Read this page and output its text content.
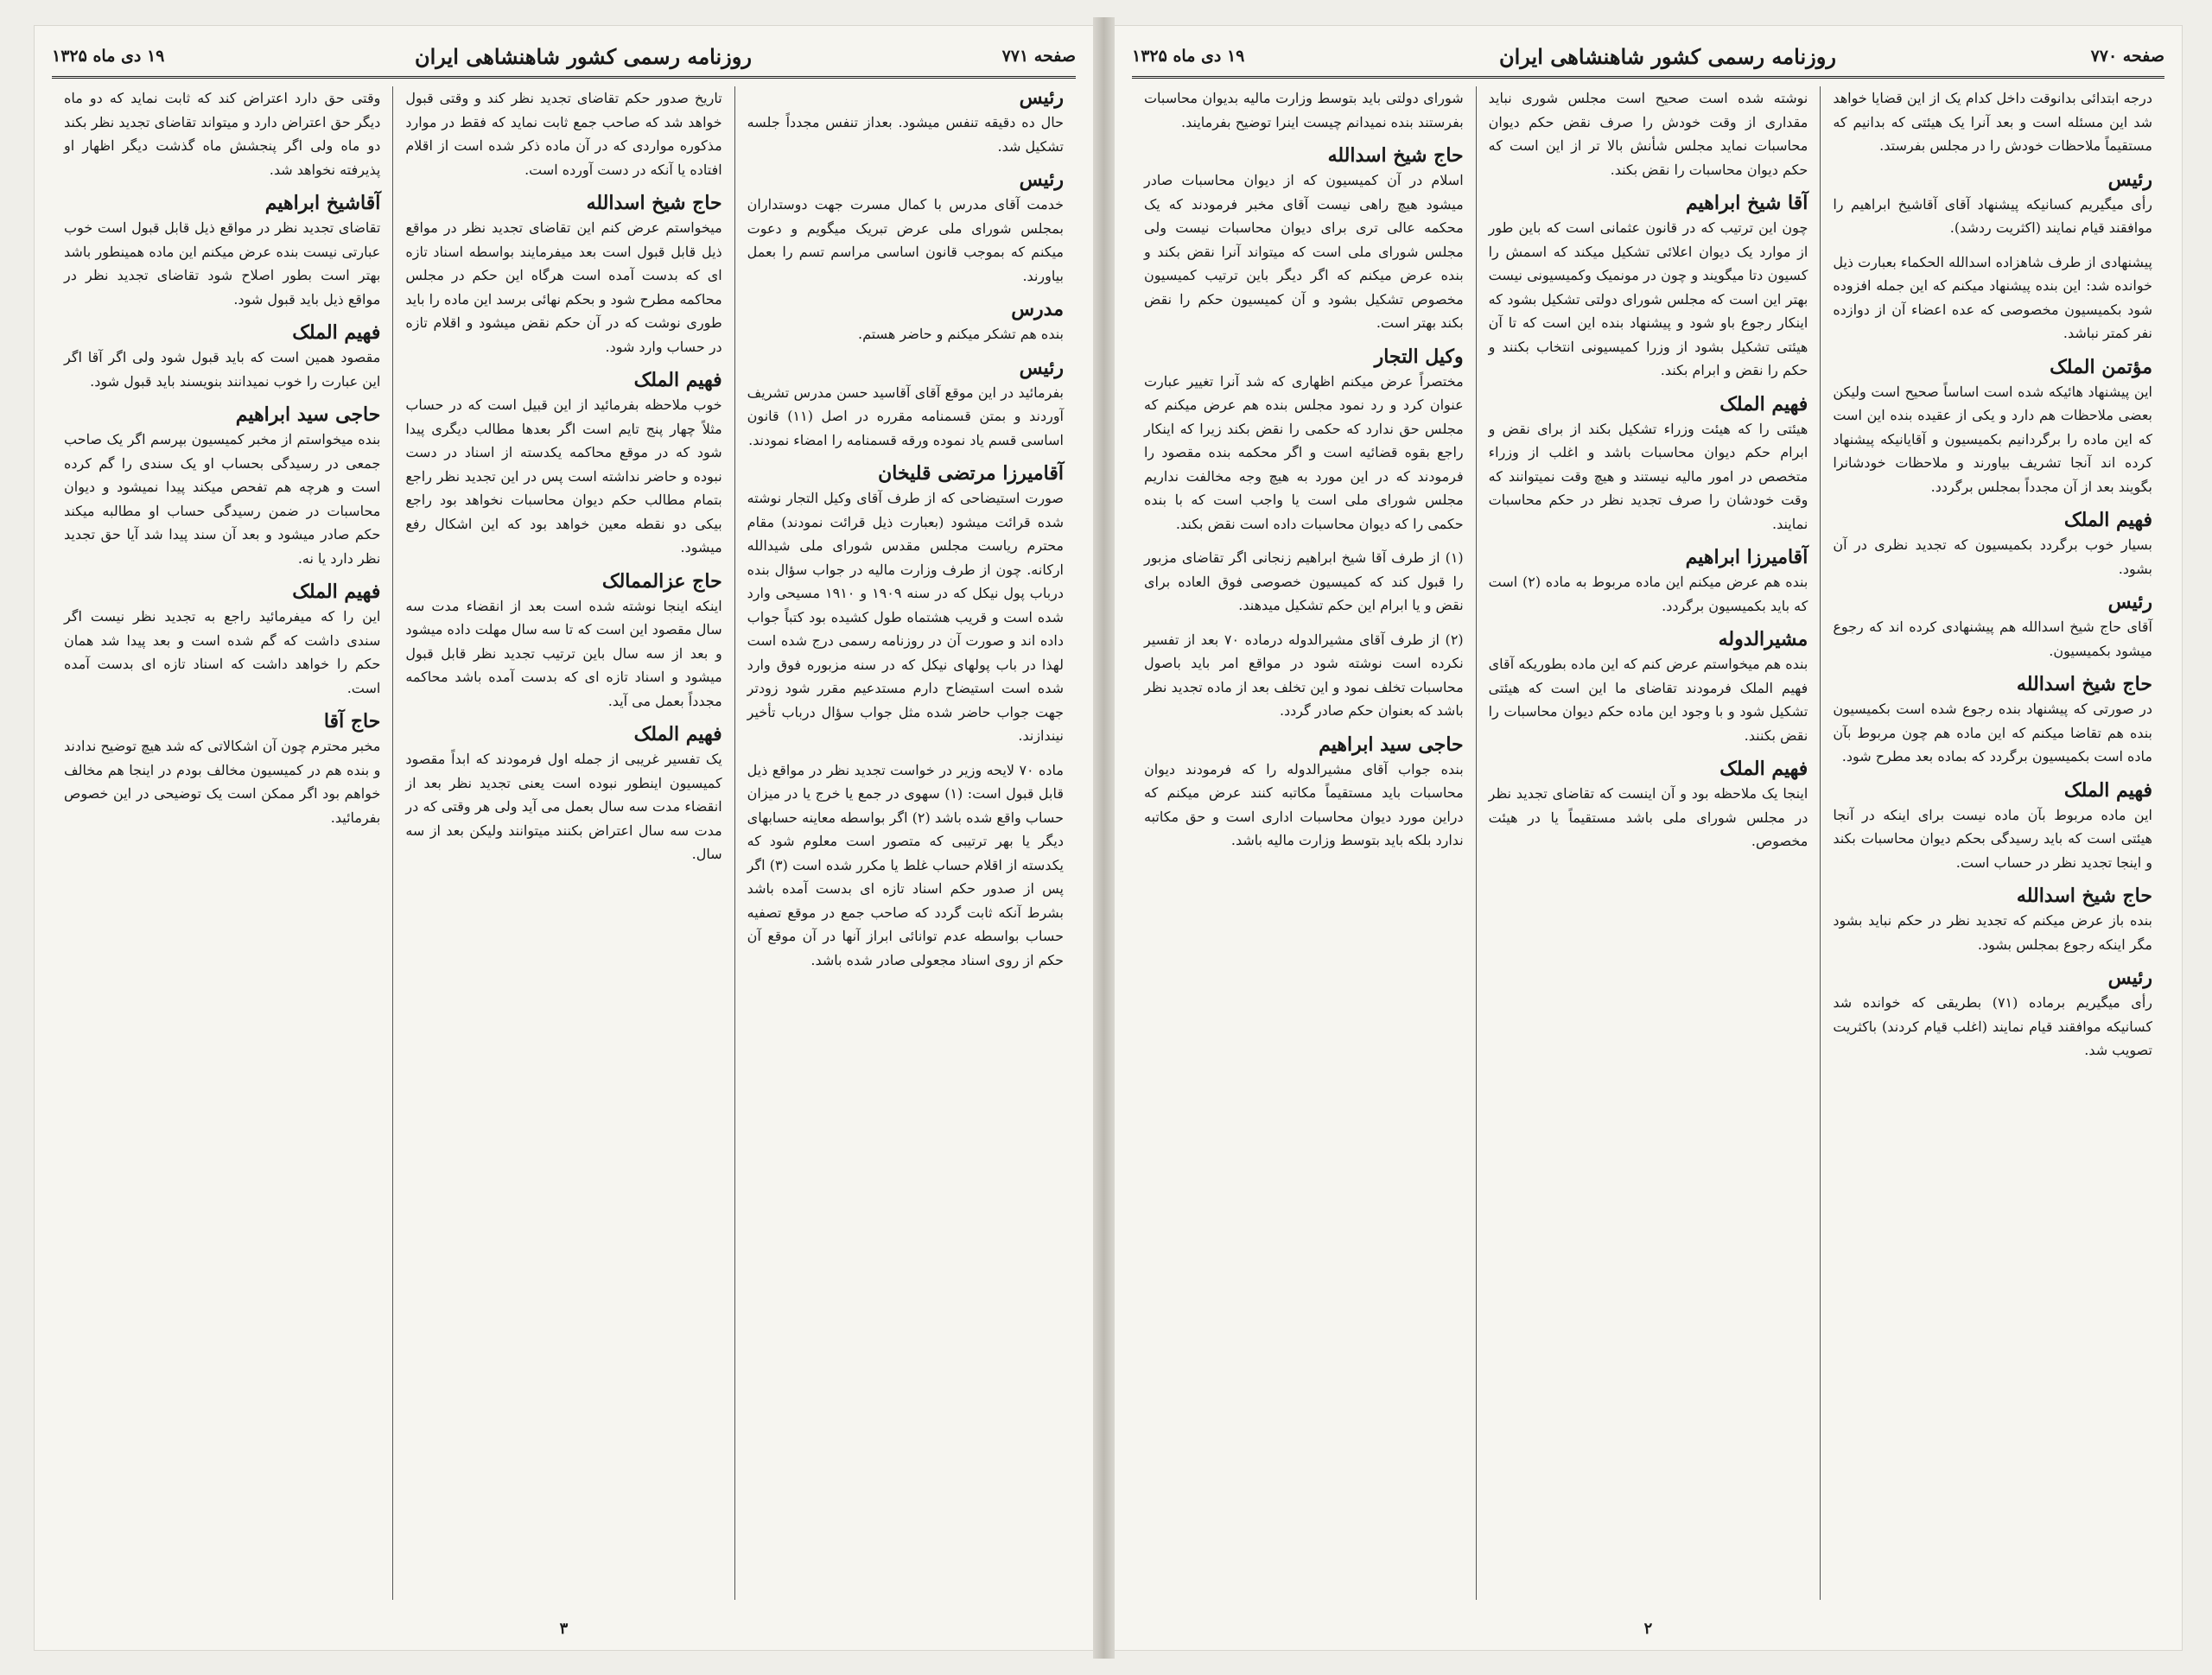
صفحه ۷۷۱
روزنامه رسمی کشور شاهنشاهی ایران
۱۹ دی ماه ۱۳۲۵
رئیس
حال ده دقیقه تنفس میشود. بعداز تنفس مجدداً جلسه تشکیل شد.
رئیس
خدمت آقای مدرس با کمال مسرت جهت دوستداران بمجلس شورای ملی عرض تبریک میگویم و دعوت میکنم که بموجب قانون اساسی مراسم تسم را بعمل بیاورند.
مدرس
بنده هم تشکر میکنم و حاضر هستم.
رئیس
بفرمائید در این موقع آقای آقاسید حسن مدرس تشریف آوردند و بمتن قسمنامه مقرره در اصل (۱۱) قانون اساسی قسم یاد نموده ورقه قسمنامه را امضاء نمودند.
آقامیرزا مرتضی قلیخان
صورت استیضاحی که از طرف آقای وکیل التجار نوشته شده قرائت میشود (بعبارت ذیل قرائت نمودند) مقام محترم ریاست مجلس مقدس شورای ملی شیدالله ارکانه. چون از طرف وزارت مالیه در جواب سؤال بنده درباب پول نیکل که در سنه ۱۹۰۹ و ۱۹۱۰ مسیحی وارد شده است و قریب هشتماه طول کشیده بود کتباً جواب داده اند و صورت آن در روزنامه رسمی درج شده است لهذا در باب پولهای نیکل که در سنه مزبوره فوق وارد شده است استیضاح دارم مستدعیم مقرر شود زودتر جهت جواب حاضر شده مثل جواب سؤال درباب تأخیر نیندازند.
ماده ۷۰ لایحه وزیر در خواست تجدید نظر در مواقع ذیل قابل قبول است: (۱) سهوی در جمع یا خرج یا در میزان حساب واقع شده باشد (۲) اگر بواسطه معاینه حسابهای دیگر یا بهر ترتیبی که متصور است معلوم شود که یکدسته از اقلام حساب غلط یا مکرر شده است (۳) اگر پس از صدور حکم اسناد تازه ای بدست آمده باشد بشرط آنکه ثابت گردد که صاحب جمع در موقع تصفیه حساب بواسطه عدم توانائی ابراز آنها در آن موقع آن حکم از روی اسناد مجعولی صادر شده باشد.
تاریخ صدور حکم تقاضای تجدید نظر کند و وقتی قبول خواهد شد که صاحب جمع ثابت نماید که فقط در موارد مذکوره مواردی که در آن ماده ذکر شده است از اقلام افتاده یا آنکه در دست آورده است.
حاج شیخ اسدالله
میخواستم عرض کنم این تقاضای تجدید نظر در مواقع ذیل قابل قبول است بعد میفرمایند بواسطه اسناد تازه ای که بدست آمده است هرگاه این حکم در مجلس محاکمه مطرح شود و بحکم نهائی برسد این ماده را باید طوری نوشت که در آن حکم نقض میشود و اقلام تازه در حساب وارد شود.
فهیم الملک
خوب ملاحظه بفرمائید از این قبیل است که در حساب مثلاً چهار پنج تایم است اگر بعدها مطالب دیگری پیدا شود که در موقع محاکمه یکدسته از اسناد در دست نبوده و حاضر نداشته است پس در این تجدید نظر راجع بتمام مطالب حکم دیوان محاسبات نخواهد بود راجع بیکی دو نقطه معین خواهد بود که این اشکال رفع میشود.
حاج عزالممالک
اینکه اینجا نوشته شده است بعد از انقضاء مدت سه سال مقصود این است که تا سه سال مهلت داده میشود و بعد از سه سال باین ترتیب تجدید نظر قابل قبول میشود و اسناد تازه ای که بدست آمده باشد محاکمه مجدداً بعمل می آید.
فهیم الملک
یک تفسیر غریبی از جمله اول فرمودند که ابداً مقصود کمیسیون اینطور نبوده است یعنی تجدید نظر بعد از انقضاء مدت سه سال بعمل می آید ولی هر وقتی که در مدت سه سال اعتراض بکنند میتوانند ولیکن بعد از سه سال.
وقتی حق دارد اعتراض کند که ثابت نماید که دو ماه دیگر حق اعتراض دارد و میتواند تقاضای تجدید نظر بکند دو ماه ولی اگر پنجشش ماه گذشت دیگر اظهار او پذیرفته نخواهد شد.
آقاشیخ ابراهیم
تقاضای تجدید نظر در مواقع ذیل قابل قبول است خوب عبارتی نیست بنده عرض میکنم این ماده همینطور باشد بهتر است بطور اصلاح شود تقاضای تجدید نظر در مواقع ذیل باید قبول شود.
فهیم الملک
مقصود همین است که باید قبول شود ولی اگر آقا اگر این عبارت را خوب نمیدانند بنویسند باید قبول شود.
حاجی سید ابراهیم
بنده میخواستم از مخبر کمیسیون بپرسم اگر یک صاحب جمعی در رسیدگی بحساب او یک سندی را گم کرده است و هرچه هم تفحص میکند پیدا نمیشود و دیوان محاسبات در ضمن رسیدگی حساب او مطالبه میکند حکم صادر میشود و بعد آن سند پیدا شد آیا حق تجدید نظر دارد یا نه.
فهیم الملک
این را که میفرمائید راجع به تجدید نظر نیست اگر سندی داشت که گم شده است و بعد پیدا شد همان حکم را خواهد داشت که اسناد تازه ای بدست آمده است.
حاج آقا
مخبر محترم چون آن اشکالاتی که شد هیچ توضیح ندادند و بنده هم در کمیسیون مخالف بودم در اینجا هم مخالف خواهم بود اگر ممکن است یک توضیحی در این خصوص بفرمائید.
۳
صفحه ۷۷۰
روزنامه رسمی کشور شاهنشاهی ایران
۱۹ دی ماه ۱۳۲۵
درجه ابتدائی بدانوقت داخل کدام یک از این قضایا خواهد شد این مسئله است و بعد آنرا یک هیئتی که بدانیم که مستقیماً ملاحظات خودش را در مجلس بفرستد.
رئیس
رأی میگیریم کسانیکه پیشنهاد آقای آقاشیخ ابراهیم را موافقند قیام نمایند (اکثریت ردشد).
پیشنهادی از طرف شاهزاده اسدالله الحکماء بعبارت ذیل خوانده شد: این بنده پیشنهاد میکنم که این جمله افزوده شود بکمیسیون مخصوصی که عده اعضاء آن از دوازده نفر کمتر نباشد.
مؤتمن الملک
این پیشنهاد هائیکه شده است اساساً صحیح است ولیکن بعضی ملاحظات هم دارد و یکی از عقیده بنده این است که این ماده را برگردانیم بکمیسیون و آقایانیکه پیشنهاد کرده اند آنجا تشریف بیاورند و ملاحظات خودشانرا بگویند بعد از آن مجدداً بمجلس برگردد.
فهیم الملک
بسیار خوب برگردد بکمیسیون که تجدید نظری در آن بشود.
رئیس
آقای حاج شیخ اسدالله هم پیشنهادی کرده اند که رجوع میشود بکمیسیون.
حاج شیخ اسدالله
در صورتی که پیشنهاد بنده رجوع شده است بکمیسیون بنده هم تقاضا میکنم که این ماده هم چون مربوط بآن ماده است بکمیسیون برگردد که بماده بعد مطرح شود.
فهیم الملک
این ماده مربوط بآن ماده نیست برای اینکه در آنجا هیئتی است که باید رسیدگی بحکم دیوان محاسبات بکند و اینجا تجدید نظر در حساب است.
حاج شیخ اسدالله
بنده باز عرض میکنم که تجدید نظر در حکم نباید بشود مگر اینکه رجوع بمجلس بشود.
رئیس
رأی میگیریم برماده (۷۱) بطریقی که خوانده شد کسانیکه موافقند قیام نمایند (اغلب قیام کردند) باکثریت تصویب شد.
نوشته شده است صحیح است مجلس شوری نباید مقداری از وقت خودش را صرف نقض حکم دیوان محاسبات نماید مجلس شأنش بالا تر از این است که حکم دیوان محاسبات را نقض بکند.
آقا شیخ ابراهیم
چون این ترتیب که در قانون عثمانی است که باین طور از موارد یک دیوان اعلائی تشکیل میکند که اسمش را کسیون دتا میگویند و چون در مونمیک وکمیسیونی نیست بهتر این است که مجلس شورای دولتی تشکیل بشود که اینکار رجوع باو شود و پیشنهاد بنده این است که تا آن هیئتی تشکیل بشود از وزرا کمیسیونی انتخاب بکنند و حکم را نقض و ابرام بکند.
فهیم الملک
هیئتی را که هیئت وزراء تشکیل بکند از برای نقض و ابرام حکم دیوان محاسبات باشد و اغلب از وزراء متخصص در امور مالیه نیستند و هیچ وقت نمیتوانند که وقت خودشان را صرف تجدید نظر در حکم محاسبات نمایند.
آقامیرزا ابراهیم
بنده هم عرض میکنم این ماده مربوط به ماده (۲) است که باید بکمیسیون برگردد.
مشیرالدوله
بنده هم میخواستم عرض کنم که این ماده بطوریکه آقای فهیم الملک فرمودند تقاضای ما این است که هیئتی تشکیل شود و با وجود این ماده حکم دیوان محاسبات را نقض بکنند.
فهیم الملک
اینجا یک ملاحظه بود و آن اینست که تقاضای تجدید نظر در مجلس شورای ملی باشد مستقیماً یا در هیئت مخصوص.
شورای دولتی باید بتوسط وزارت مالیه بدیوان محاسبات بفرستند بنده نمیدانم چیست اینرا توضیح بفرمایند.
حاج شیخ اسدالله
اسلام در آن کمیسیون که از دیوان محاسبات صادر میشود هیچ راهی نیست آقای مخبر فرمودند که یک محکمه عالی تری برای دیوان محاسبات نیست ولی مجلس شورای ملی است که میتواند آنرا نقض بکند و بنده عرض میکنم که اگر دیگر باین ترتیب کمیسیون مخصوص تشکیل بشود و آن کمیسیون حکم را نقض بکند بهتر است.
وکیل التجار
مختصراً عرض میکنم اظهاری که شد آنرا تغییر عبارت عنوان کرد و رد نمود مجلس بنده هم عرض میکنم که مجلس حق ندارد که حکمی را نقض بکند زیرا که اینکار راجع بقوه قضائیه است و اگر محکمه بنده مقصود را فرمودند که در این مورد به هیچ وجه مخالفت نداریم مجلس شورای ملی است یا واجب است که با بنده حکمی را که دیوان محاسبات داده است نقض بکند.
(۱) از طرف آقا شیخ ابراهیم زنجانی اگر تقاضای مزبور را قبول کند که کمیسیون خصوصی فوق العاده برای نقض و یا ابرام این حکم تشکیل میدهند.
(۲) از طرف آقای مشیرالدوله درماده ۷۰ بعد از تفسیر نکرده است نوشته شود در مواقع امر باید باصول محاسبات تخلف نمود و این تخلف بعد از ماده تجدید نظر باشد که بعنوان حکم صادر گردد.
حاجی سید ابراهیم
بنده جواب آقای مشیرالدوله را که فرمودند دیوان محاسبات باید مستقیماً مکاتبه کنند عرض میکنم که دراین مورد دیوان محاسبات اداری است و حق مکاتبه ندارد بلکه باید بتوسط وزارت مالیه باشد.
۲
